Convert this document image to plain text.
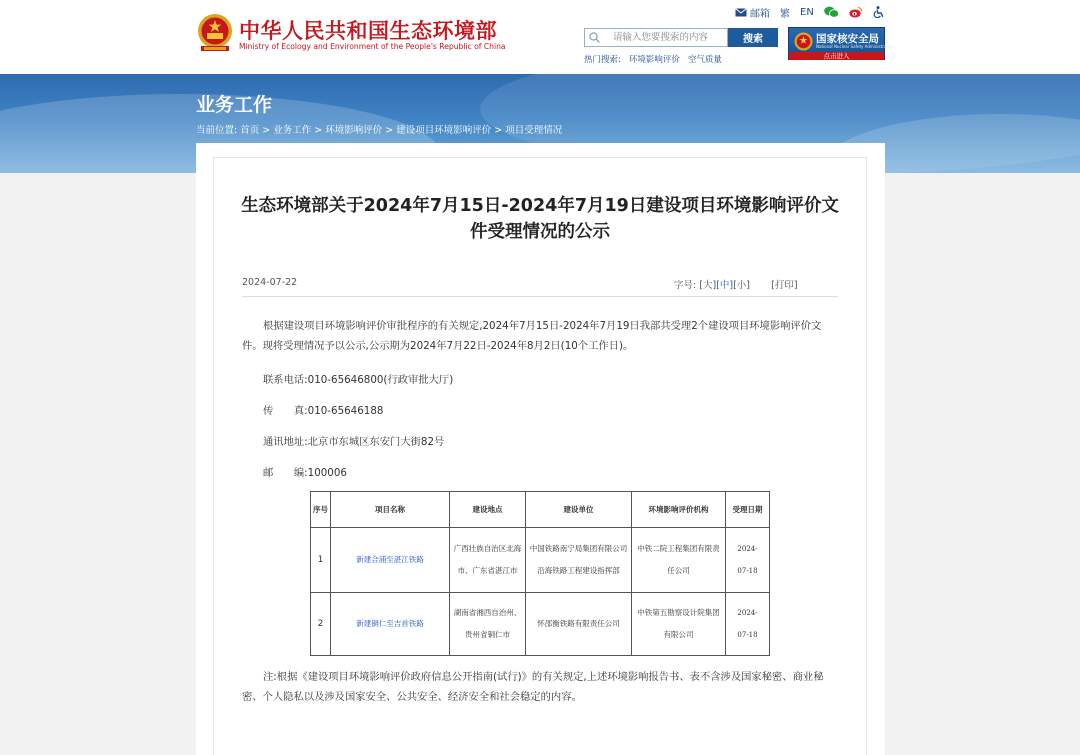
中华人民共和国生态环境部
Ministry of Ecology and Environment of the People's Republic of China
邮箱 繁 EN
请输入您要搜索的内容
搜索
热门搜索: 环境影响评价 空气质量
国家核安全局
National Nuclear Safety Administration
点击进入
业务工作
当前位置: 首页 > 业务工作 > 环境影响评价 > 建设项目环境影响评价 > 项目受理情况
生态环境部关于2024年7月15日-2024年7月19日建设项目环境影响评价文件受理情况的公示
2024-07-22	字号: [大][中][小] [打印]
根据建设项目环境影响评价审批程序的有关规定,2024年7月15日-2024年7月19日我部共受理2个建设项目环境影响评价文件。现将受理情况予以公示,公示期为2024年7月22日-2024年8月2日(10个工作日)。
联系电话:010-65646800(行政审批大厅)
传　　真:010-65646188
通讯地址:北京市东城区东安门大街82号
邮　　编:100006
序号	项目名称	建设地点	建设单位	环境影响评价机构	受理日期

1	新建合浦至湛江铁路	广西壮族自治区北海市、广东省湛江市	中国铁路南宁局集团有限公司沿海铁路工程建设指挥部	中铁二院工程集团有限责任公司	2024-07-18

2	新建铜仁至吉首铁路	湖南省湘西自治州、贵州省铜仁市	怀邵衡铁路有限责任公司	中铁第五勘察设计院集团有限公司	2024-07-18
注:根据《建设项目环境影响评价政府信息公开指南(试行)》的有关规定,上述环境影响报告书、表不含涉及国家秘密、商业秘密、个人隐私以及涉及国家安全、公共安全、经济安全和社会稳定的内容。
